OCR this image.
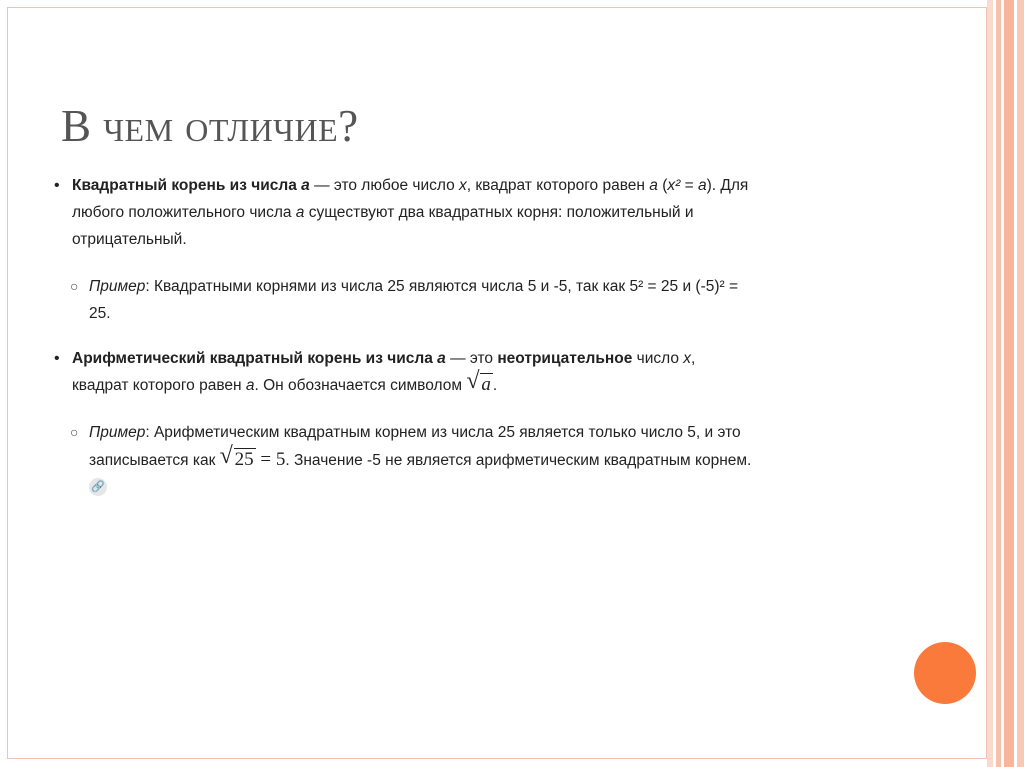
В чем отличие?
• Квадратный корень из числа a — это любое число x, квадрат которого равен a (x² = a). Для любого положительного числа a существуют два квадратных корня: положительный и отрицательный.
○ Пример: Квадратными корнями из числа 25 являются числа 5 и -5, так как 5² = 25 и (-5)² = 25.
• Арифметический квадратный корень из числа a — это неотрицательное число x, квадрат которого равен a. Он обозначается символом √ a .
○ Пример: Арифметическим квадратным корнем из числа 25 является только число 5, и это записывается как √ 25 = 5. Значение -5 не является арифметическим квадратным корнем. 🔗
